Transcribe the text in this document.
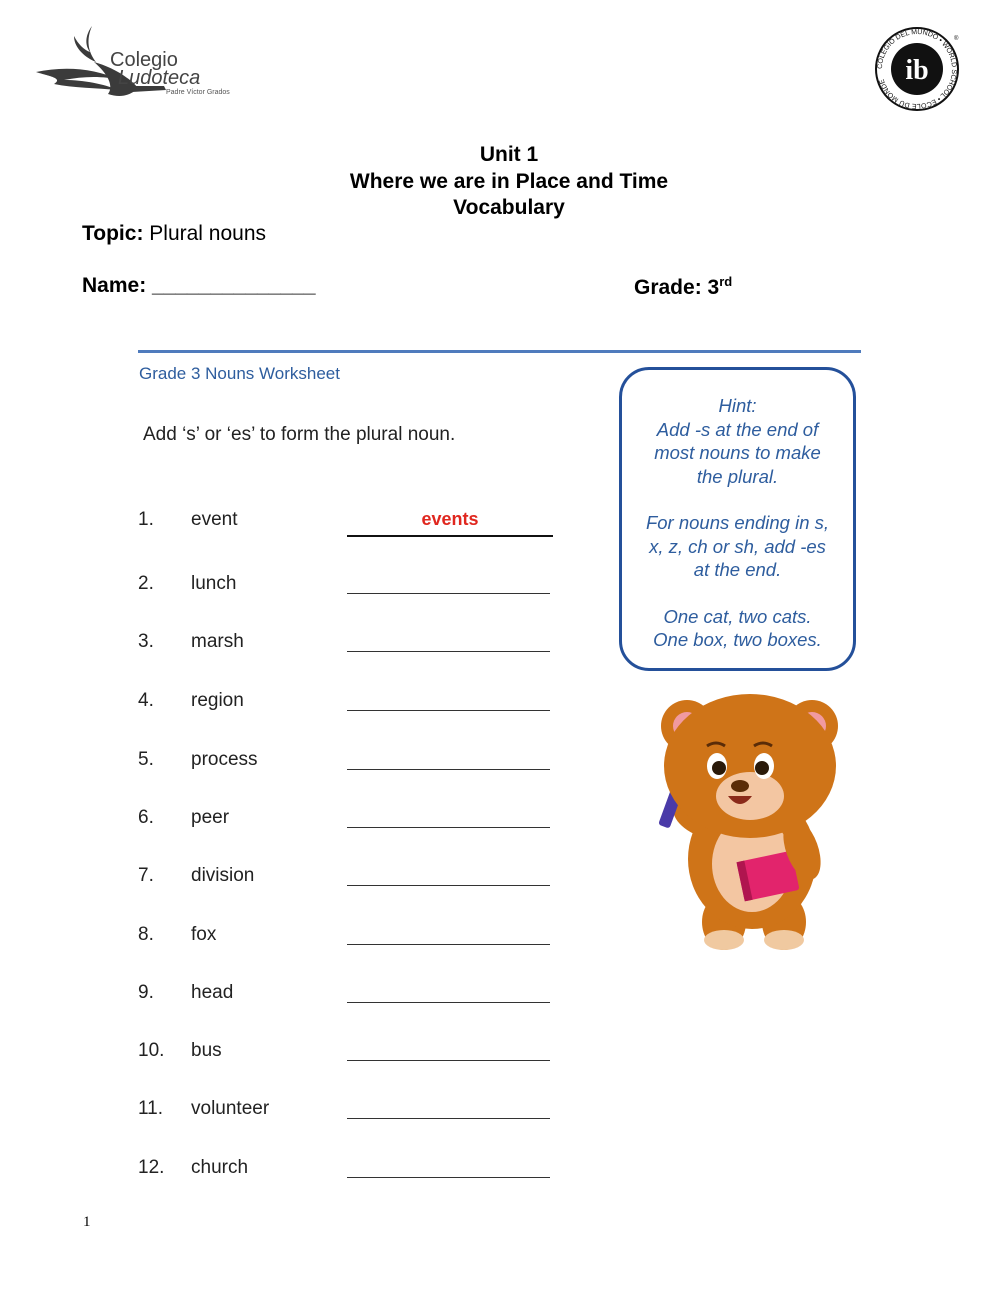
Colegio
Ludoteca
Padre Víctor Grados
COLEGIO DEL MUNDO • WORLD SCHOOL • ÉCOLE DU MONDE ib
®
Unit 1
Where we are in Place and Time
Vocabulary
Topic: Plural nouns
Name: ______________	Grade: 3rd
Grade 3 Nouns Worksheet
Add ‘s’ or ‘es’ to form the plural noun.
1. event	events
2. lunch
3. marsh
4. region
5. process
6. peer
7. division
8. fox
9. head
10. bus
11. volunteer
12. church

Hint:

Add -s at the end of most nouns to make the plural.

For nouns ending in s, x, z, ch or sh, add -es at the end.

One cat, two cats.

One box, two boxes.

1
